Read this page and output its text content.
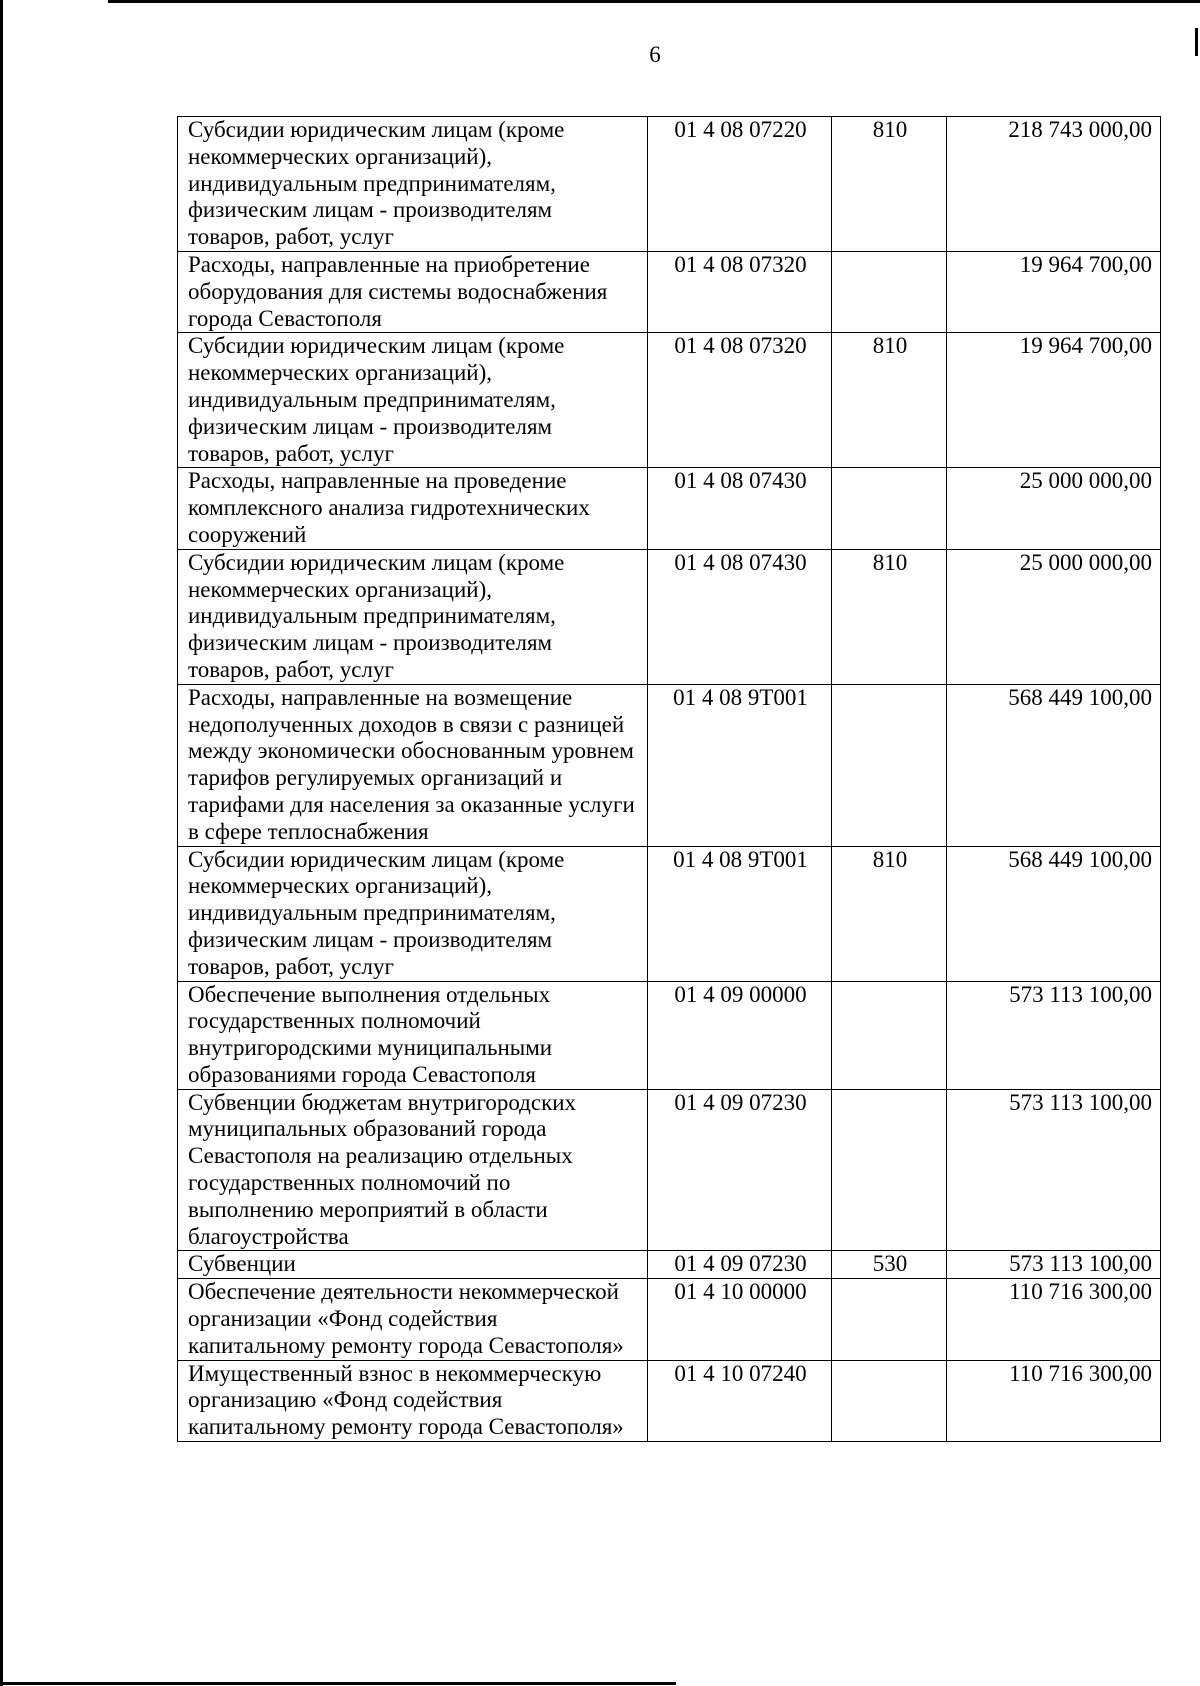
6
Субсидии юридическим лицам (кроме некоммерческих организаций), индивидуальным предпринимателям, физическим лицам - производителям товаров, работ, услуг	01 4 08 07220	810	218 743 000,00
Расходы, направленные на приобретение оборудования для системы водоснабжения города Севастополя	01 4 08 07320		19 964 700,00
Субсидии юридическим лицам (кроме некоммерческих организаций), индивидуальным предпринимателям, физическим лицам - производителям товаров, работ, услуг	01 4 08 07320	810	19 964 700,00
Расходы, направленные на проведение комплексного анализа гидротехнических сооружений	01 4 08 07430		25 000 000,00
Субсидии юридическим лицам (кроме некоммерческих организаций), индивидуальным предпринимателям, физическим лицам - производителям товаров, работ, услуг	01 4 08 07430	810	25 000 000,00
Расходы, направленные на возмещение недополученных доходов в связи с разницей между экономически обоснованным уровнем тарифов регулируемых организаций и тарифами для населения за оказанные услуги в сфере теплоснабжения	01 4 08 9Т001		568 449 100,00
Субсидии юридическим лицам (кроме некоммерческих организаций), индивидуальным предпринимателям, физическим лицам - производителям товаров, работ, услуг	01 4 08 9Т001	810	568 449 100,00
Обеспечение выполнения отдельных государственных полномочий внутригородскими муниципальными образованиями города Севастополя	01 4 09 00000		573 113 100,00
Субвенции бюджетам внутригородских муниципальных образований города Севастополя на реализацию отдельных государственных полномочий по выполнению мероприятий в области благоустройства	01 4 09 07230		573 113 100,00
Субвенции	01 4 09 07230	530	573 113 100,00
Обеспечение деятельности некоммерческой организации «Фонд содействия капитальному ремонту города Севастополя»	01 4 10 00000		110 716 300,00
Имущественный взнос в некоммерческую организацию «Фонд содействия капитальному ремонту города Севастополя»	01 4 10 07240		110 716 300,00
